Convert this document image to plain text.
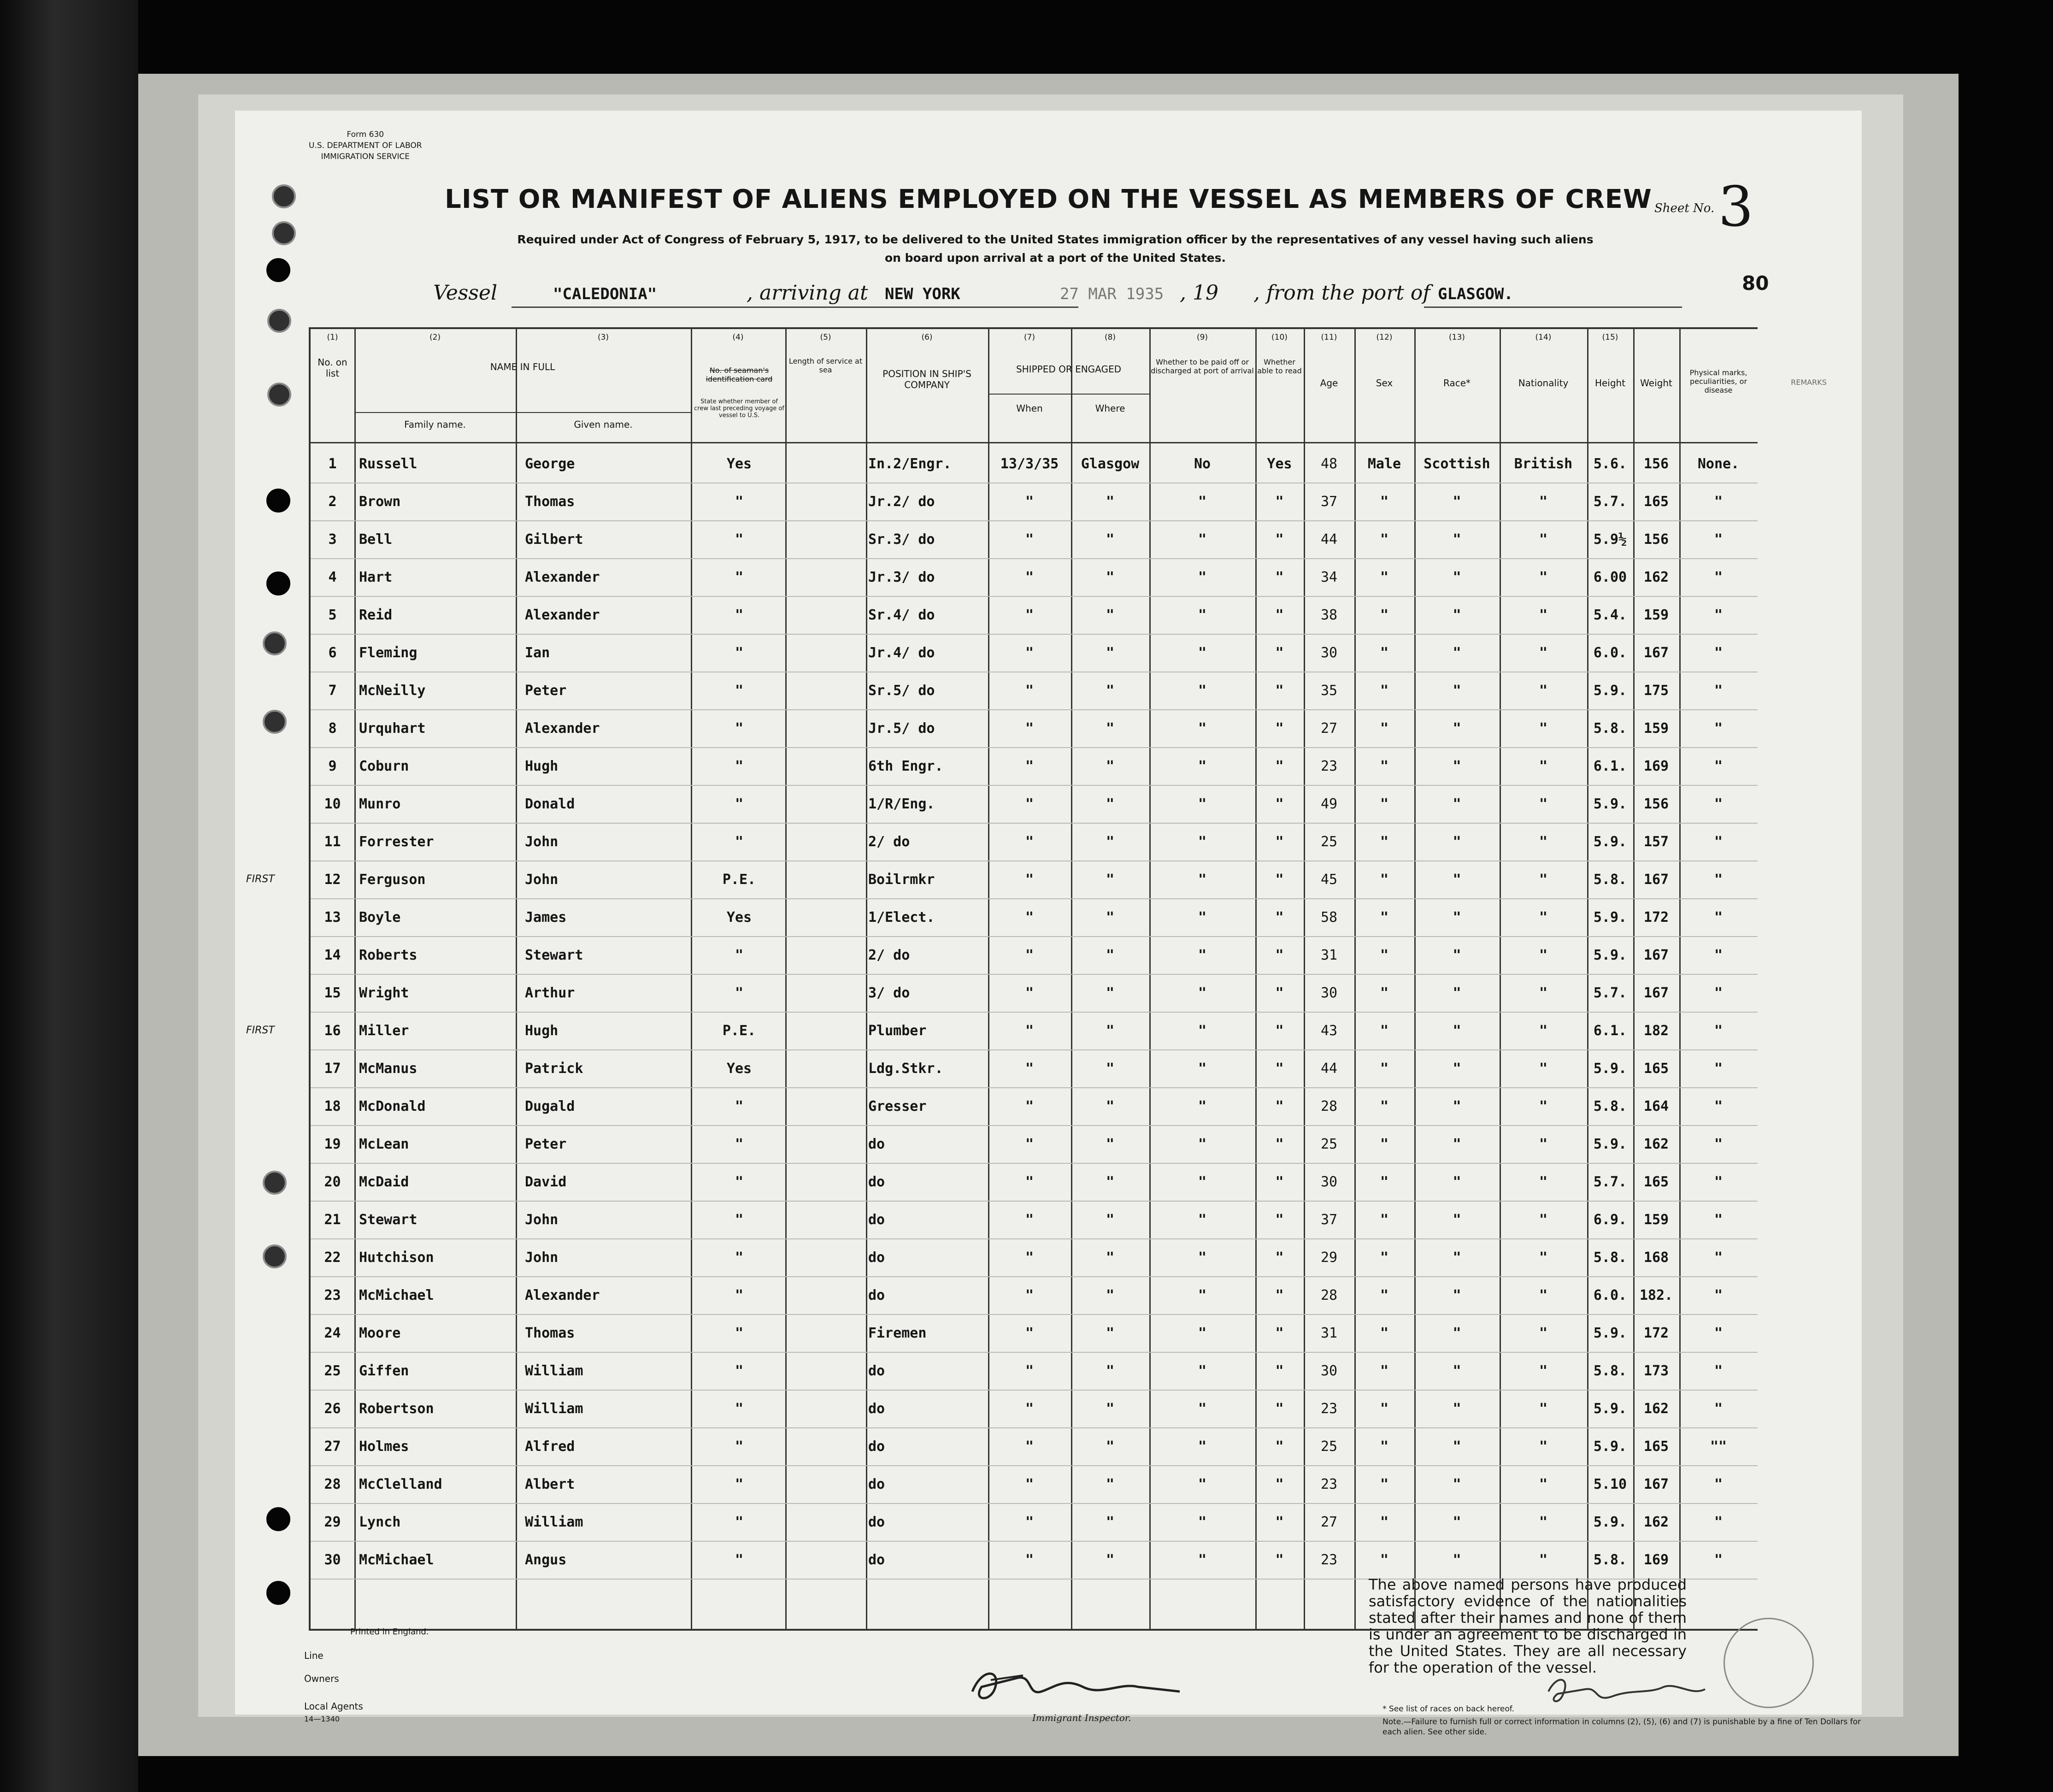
Form 630
U.S. DEPARTMENT OF LABOR
IMMIGRATION SERVICE
Sheet No. 3
LIST OR MANIFEST OF ALIENS EMPLOYED ON THE VESSEL AS MEMBERS OF CREW
Required under Act of Congress of February 5, 1917, to be delivered to the United States immigration officer by the representatives of any vessel having such aliens
on board upon arrival at a port of the United States.
80
Vessel	"CALEDONIA"	, arriving at NEW YORK	27 MAR 1935 , 19 , from the port of GLASGOW.
No. on list
NAME IN FULL
Family name.	Given name.
No. of seaman's identification card
State whether member of crew last preceding voyage of vessel to U.S.
Length of service at sea	POSITION IN SHIP'S COMPANY
SHIPPED OR ENGAGED
When	Where
Whether to be paid off or discharged at port of arrival
Whether able to read
Age	Sex	Race*	Nationality	Height	Weight
Physical marks, peculiarities, or disease
1	Russell	George	Yes	In.2/Engr.	13/3/35	Glasgow	No	Yes	48	Male	Scottish	British	5.6.	156	None.
2	Brown	Thomas	"	Jr.2/ do	"	"	"	"	37	"	"	"	5.7.	165	"
3	Bell	Gilbert	"	Sr.3/ do	"	"	"	"	44	"	"	"	5.9½	156	"
4	Hart	Alexander	"	Jr.3/ do	"	"	"	"	34	"	"	"	6.00	162	"
5	Reid	Alexander	"	Sr.4/ do	"	"	"	"	38	"	"	"	5.4.	159	"
6	Fleming	Ian	"	Jr.4/ do	"	"	"	"	30	"	"	"	6.0.	167	"
7	McNeilly	Peter	"	Sr.5/ do	"	"	"	"	35	"	"	"	5.9.	175	"
8	Urquhart	Alexander	"	Jr.5/ do	"	"	"	"	27	"	"	"	5.8.	159	"
9	Coburn	Hugh	"	6th Engr.	"	"	"	"	23	"	"	"	6.1.	169	"
10	Munro	Donald	"	1/R/Eng.	"	"	"	"	49	"	"	"	5.9.	156	"
11	Forrester	John	"	2/ do	"	"	"	"	25	"	"	"	5.9.	157	"
12	Ferguson	John	P.E.	Boilrmkr	"	"	"	"	45	"	"	"	5.8.	167	"
FIRST
13	Boyle	James	Yes	1/Elect.	"	"	"	"	58	"	"	"	5.9.	172	"
14	Roberts	Stewart	"	2/ do	"	"	"	"	31	"	"	"	5.9.	167	"
15	Wright	Arthur	"	3/ do	"	"	"	"	30	"	"	"	5.7.	167	"
16	Miller	Hugh	P.E.	Plumber	"	"	"	"	43	"	"	"	6.1.	182	"
FIRST
17	McManus	Patrick	Yes	Ldg.Stkr.	"	"	"	"	44	"	"	"	5.9.	165	"
18	McDonald	Dugald	"	Gresser	"	"	"	"	28	"	"	"	5.8.	164	"
19	McLean	Peter	"	do	"	"	"	"	25	"	"	"	5.9.	162	"
20	McDaid	David	"	do	"	"	"	"	30	"	"	"	5.7.	165	"
21	Stewart	John	"	do	"	"	"	"	37	"	"	"	6.9.	159	"
22	Hutchison	John	"	do	"	"	"	"	29	"	"	"	5.8.	168	"
23	McMichael	Alexander	"	do	"	"	"	"	28	"	"	"	6.0. 182.	"
24	Moore	Thomas	"	Firemen	"	"	"	"	31	"	"	"	5.9.	172	"
25	Giffen	William	"	do	"	"	"	"	30	"	"	"	5.8.	173	"
26	Robertson	William	"	do	"	"	"	"	23	"	"	"	5.9.	162	"
27	Holmes	Alfred	"	do	"	"	"	"	25	"	"	"	5.9.	165	""
28	McClelland	Albert	"	do	"	"	"	"	23	"	"	"	5.10	167	"
29	Lynch	William	"	do	"	"	"	"	27	"	"	"	5.9.	162	"
30	McMichael	Angus	"	do	"	"	"	"	23	"	"	"	5.8.	169	"
(1)	(2)	(3)	(4)	(5)	(6)	(7)	(8)	(9)	(10)	(11)	(12)	(13)	(14)	(15)
REMARKS
Printed in England.
Line
Owners
Local Agents
14—1340	Immigrant Inspector.
The above named persons have produced satisfactory evidence of the nationalities stated after their names and none of them is under an agreement to be discharged in the United States. They are all necessary for the operation of the vessel.
* See list of races on back hereof.
Note.—Failure to furnish full or correct information in columns (2), (5), (6) and (7) is punishable by a fine of Ten Dollars for each alien. See other side.
